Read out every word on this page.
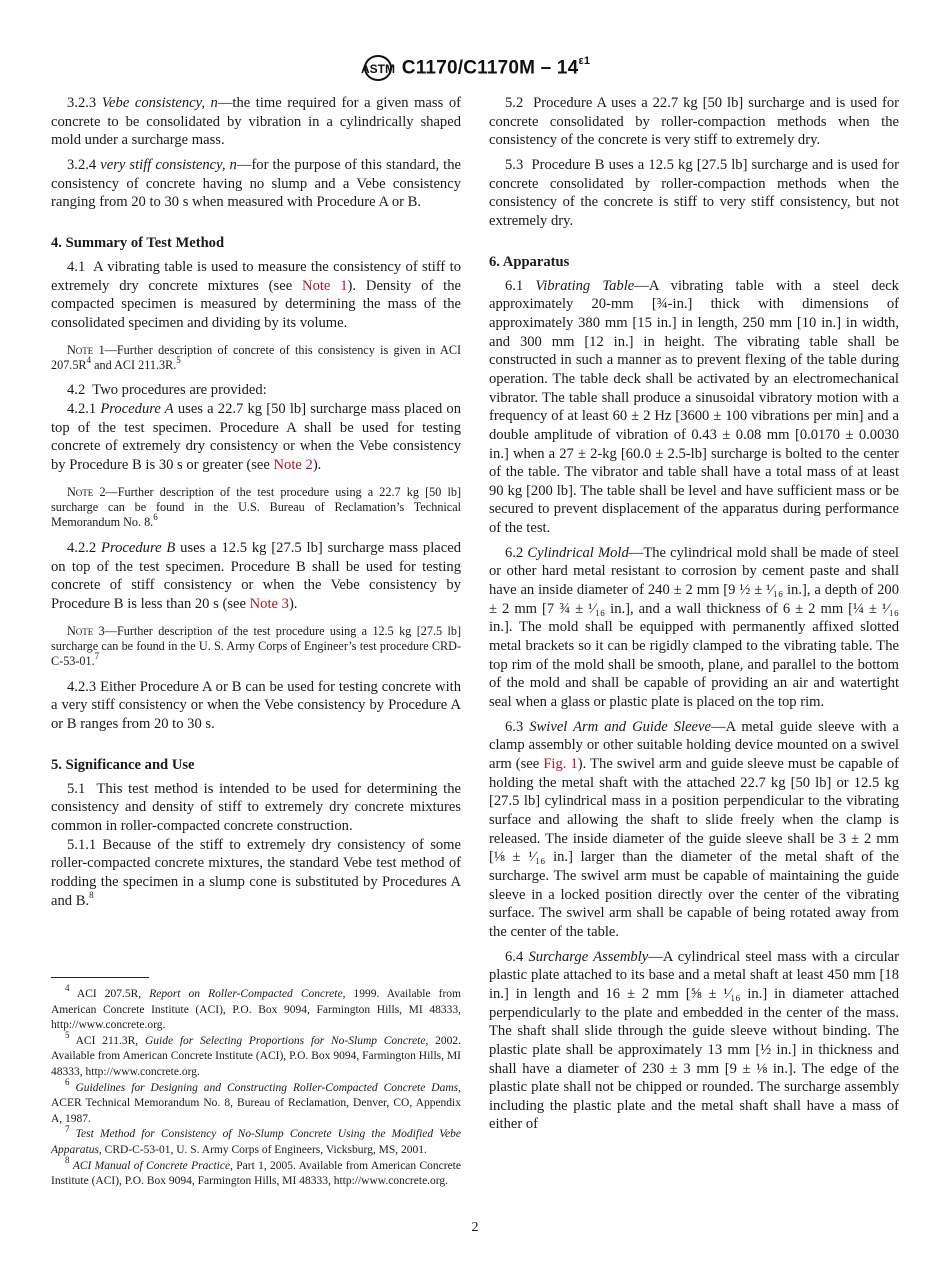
ASTM $C1170/C1170M - 14^{\varepsilon 1}$

3.2.3 Vebe consistency, n—the time required for a given mass of concrete to be consolidated by vibration in a cylindrically shaped mold under a surcharge mass.

3.2.4 very stiff consistency, n—for the purpose of this standard, the consistency of concrete having no slump and a Vebe consistency ranging from 20 to 30 s when measured with Procedure A or B.

4. Summary of Test Method

4.1 A vibrating table is used to measure the consistency of stiff to extremely dry concrete mixtures (see Note 1). Density of the compacted specimen is measured by determining the mass of the consolidated specimen and dividing by its volume.

Note 1—Further description of concrete of this consistency is given in ACI 207.5R$^4$ and ACI 211.3R.$^5$

4.2 Two procedures are provided:

4.2.1 Procedure A uses a 22.7 kg [50 lb] surcharge mass placed on top of the test specimen. Procedure A shall be used for testing concrete of extremely dry consistency or when the Vebe consistency by Procedure B is 30 s or greater (see Note 2).

Note 2—Further description of the test procedure using a 22.7 kg [50 lb] surcharge can be found in the U.S. Bureau of Reclamation’s Technical Memorandum No. 8.$^6$

4.2.2 Procedure B uses a 12.5 kg [27.5 lb] surcharge mass placed on top of the test specimen. Procedure B shall be used for testing concrete of stiff consistency or when the Vebe consistency by Procedure B is less than 20 s (see Note 3).

Note 3—Further description of the test procedure using a 12.5 kg [27.5 lb] surcharge can be found in the U. S. Army Corps of Engineer’s test procedure CRD-C-53-01.$^7$

4.2.3 Either Procedure A or B can be used for testing concrete with a very stiff consistency or when the Vebe consistency by Procedure A or B ranges from 20 to 30 s.

5. Significance and Use

5.1 This test method is intended to be used for determining the consistency and density of stiff to extremely dry concrete mixtures common in roller-compacted concrete construction.

5.1.1 Because of the stiff to extremely dry consistency of some roller-compacted concrete mixtures, the standard Vebe test method of rodding the specimen in a slump cone is substituted by Procedures A and B.$^8$

$^4$ ACI 207.5R, Report on Roller-Compacted Concrete, 1999. Available from American Concrete Institute (ACI), P.O. Box 9094, Farmington Hills, MI 48333, http://www.concrete.org.

$^5$ ACI 211.3R, Guide for Selecting Proportions for No-Slump Concrete, 2002. Available from American Concrete Institute (ACI), P.O. Box 9094, Farmington Hills, MI 48333, http://www.concrete.org.

$^6$ Guidelines for Designing and Constructing Roller-Compacted Concrete Dams, ACER Technical Memorandum No. 8, Bureau of Reclamation, Denver, CO, Appendix A, 1987.

$^7$ Test Method for Consistency of No-Slump Concrete Using the Modified Vebe Apparatus, CRD-C-53-01, U. S. Army Corps of Engineers, Vicksburg, MS, 2001.

$^8$ ACI Manual of Concrete Practice, Part 1, 2005. Available from American Concrete Institute (ACI), P.O. Box 9094, Farmington Hills, MI 48333, http://www.concrete.org.

5.2 Procedure A uses a 22.7 kg [50 lb] surcharge and is used for concrete consolidated by roller-compaction methods when the consistency of the concrete is very stiff to extremely dry.

5.3 Procedure B uses a 12.5 kg [27.5 lb] surcharge and is used for concrete consolidated by roller-compaction methods when the consistency of the concrete is stiff to very stiff consistency, but not extremely dry.

6. Apparatus

6.1 Vibrating Table—A vibrating table with a steel deck approximately 20-mm [¾-in.] thick with dimensions of approximately 380 mm [15 in.] in length, 250 mm [10 in.] in width, and 300 mm [12 in.] in height. The vibrating table shall be constructed in such a manner as to prevent flexing of the table during operation. The table deck shall be activated by an electromechanical vibrator. The table shall produce a sinusoidal vibratory motion with a frequency of at least 60 ± 2 Hz [3600 ± 100 vibrations per min] and a double amplitude of vibration of 0.43 ± 0.08 mm [0.0170 ± 0.0030 in.] when a 27 ± 2-kg [60.0 ± 2.5-lb] surcharge is bolted to the center of the table. The vibrator and table shall have a total mass of at least 90 kg [200 lb]. The table shall be level and have sufficient mass or be secured to prevent displacement of the apparatus during performance of the test.

6.2 Cylindrical Mold—The cylindrical mold shall be made of steel or other hard metal resistant to corrosion by cement paste and shall have an inside diameter of 240 ± 2 mm [9 ½ ± ¹⁄₁₆ in.], a depth of 200 ± 2 mm [7 ¾ ± ¹⁄₁₆ in.], and a wall thickness of 6 ± 2 mm [¼ ± ¹⁄₁₆ in.]. The mold shall be equipped with permanently affixed slotted metal brackets so it can be rigidly clamped to the vibrating table. The top rim of the mold shall be smooth, plane, and parallel to the bottom of the mold and shall be capable of providing an air and watertight seal when a glass or plastic plate is placed on the top rim.

6.3 Swivel Arm and Guide Sleeve—A metal guide sleeve with a clamp assembly or other suitable holding device mounted on a swivel arm (see Fig. 1). The swivel arm and guide sleeve must be capable of holding the metal shaft with the attached 22.7 kg [50 lb] or 12.5 kg [27.5 lb] cylindrical mass in a position perpendicular to the vibrating surface and allowing the shaft to slide freely when the clamp is released. The inside diameter of the guide sleeve shall be 3 ± 2 mm [⅛ ± ¹⁄₁₆ in.] larger than the diameter of the metal shaft of the surcharge. The swivel arm must be capable of maintaining the guide sleeve in a locked position directly over the center of the vibrating surface. The swivel arm shall be capable of being rotated away from the center of the table.

6.4 Surcharge Assembly—A cylindrical steel mass with a circular plastic plate attached to its base and a metal shaft at least 450 mm [18 in.] in length and 16 ± 2 mm [⅝ ± ¹⁄₁₆ in.] in diameter attached perpendicularly to the plate and embedded in the center of the mass. The shaft shall slide through the guide sleeve without binding. The plastic plate shall be approximately 13 mm [½ in.] in thickness and shall have a diameter of 230 ± 3 mm [9 ± ⅛ in.]. The edge of the plastic plate shall not be chipped or rounded. The surcharge assembly including the plastic plate and the metal shaft shall have a mass of either of

2
